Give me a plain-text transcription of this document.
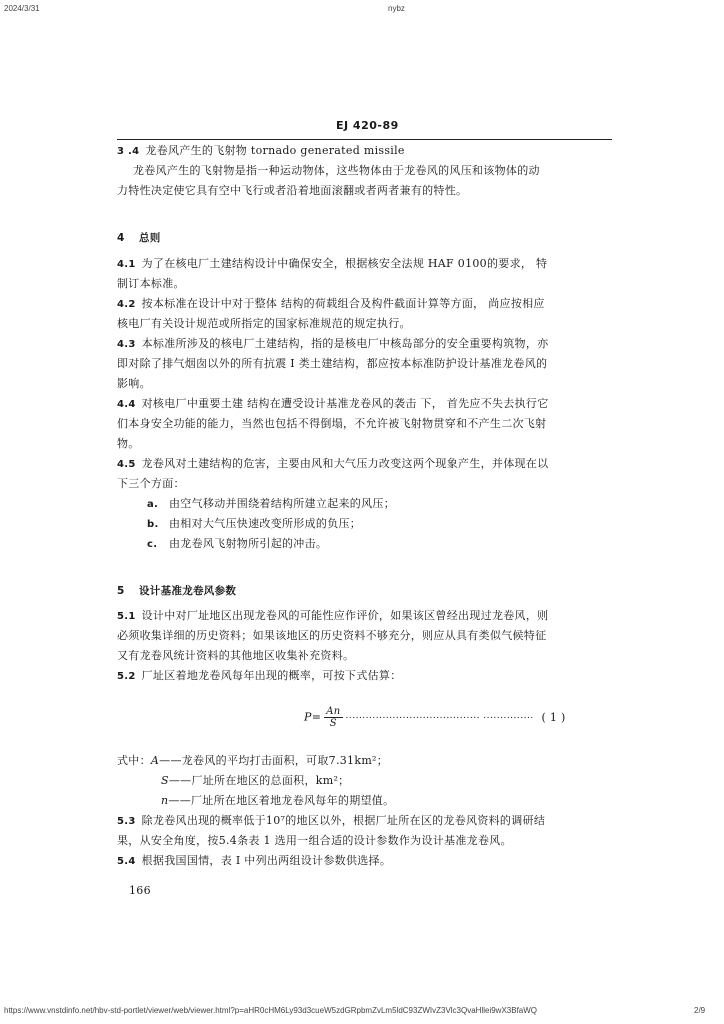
2024/3/31	nybz
EJ 420-89
3 .4 龙卷风产生的飞射物 tornado generated missile
龙卷风产生的飞射物是指一种运动物体，这些物体由于龙卷风的风压和该物体的动
力特性决定使它具有空中飞行或者沿着地面滚翻或者两者兼有的特性。
4 总则
4.1 为了在核电厂土建结构设计中确保安全，根据核安全法规 HAF 0100的要求， 特
制订本标准。
4.2 按本标准在设计中对于整体 结构的荷载组合及构件截面计算等方面， 尚应按相应
核电厂有关设计规范或所指定的国家标准规范的规定执行。
4.3 本标准所涉及的核电厂土建结构，指的是核电厂中核岛部分的安全重要构筑物，亦
即对除了排气烟囱以外的所有抗震 I 类土建结构，都应按本标准防护设计基准龙卷风的
影响。
4.4 对核电厂中重要土建 结构在遭受设计基准龙卷风的袭击 下， 首先应不失去执行它
们本身安全功能的能力，当然也包括不得倒塌，不允许被飞射物贯穿和不产生二次飞射
物。
4.5 龙卷风对土建结构的危害，主要由风和大气压力改变这两个现象产生，并体现在以
下三个方面：
a. 由空气移动并围绕着结构所建立起来的风压；
b. 由相对大气压快速改变所形成的负压；
c. 由龙卷风飞射物所引起的冲击。
5 设计基准龙卷风参数
5.1 设计中对厂址地区出现龙卷风的可能性应作评价，如果该区曾经出现过龙卷风，则
必须收集详细的历史资料；如果该地区的历史资料不够充分，则应从具有类似气候特征
又有龙卷风统计资料的其他地区收集补充资料。
5.2 厂址区着地龙卷风每年出现的概率，可按下式估算：
$P= \frac{An}{S}$ ········································ ··············· ( 1 )
式中：A——龙卷风的平均打击面积，可取7.31km²；
S——厂址所在地区的总面积，km²；
n——厂址所在地区着地龙卷风每年的期望值。
5.3 除龙卷风出现的概率低于10⁷的地区以外，根据厂址所在区的龙卷风资料的调研结
果，从安全角度，按5.4条表 1 选用一组合适的设计参数作为设计基准龙卷风。
5.4 根据我国国情，表 I 中列出两组设计参数供选择。
166
https://www.vnstdinfo.net/hbv-std-portlet/viewer/web/viewer.html?p=aHR0cHM6Ly93d3cueW5zdGRpbmZvLm5ldC93ZWIvZ3Vlc3QvaHllei9wX3BfaWQ	2/9
